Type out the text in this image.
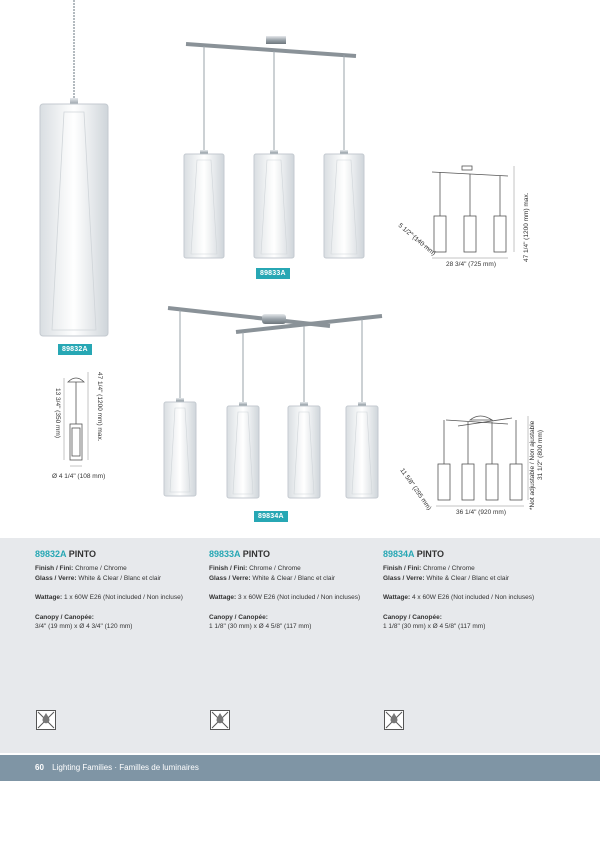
13 3/4" (350 mm)	47 1/4" (1200 mm) max.
Ø 4 1/4" (108 mm)
5 1/2" (140 mm)
28 3/4" (725 mm)
47 1/4" (1200 mm) max.
11 5/8" (295 mm)
36 1/4" (920 mm)
*Not adjustable / Non ajustable 31 1/2" (800 mm)
89832A
89833A
89834A
89832A PINTO
Finish / Fini: Chrome / Chrome
Glass / Verre: White & Clear / Blanc et clair
Wattage: 1 x 60W E26 (Not included / Non incluse)
Canopy / Canopée:
3/4" (19 mm) x Ø 4 3/4" (120 mm)
89833A PINTO
Finish / Fini: Chrome / Chrome
Glass / Verre: White & Clear / Blanc et clair
Wattage: 3 x 60W E26 (Not included / Non incluses)
Canopy / Canopée:
1 1/8" (30 mm) x Ø 4 5/8" (117 mm)
89834A PINTO
Finish / Fini: Chrome / Chrome
Glass / Verre: White & Clear / Blanc et clair
Wattage: 4 x 60W E26 (Not included / Non incluses)
Canopy / Canopée:
1 1/8" (30 mm) x Ø 4 5/8" (117 mm)
60 Lighting Families · Familles de luminaires
